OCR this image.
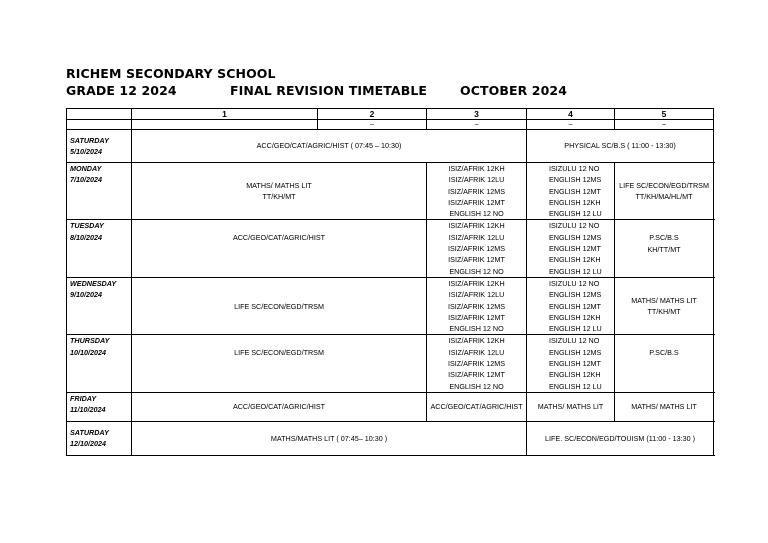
RICHEM SECONDARY SCHOOL
GRADE 12 2024	FINAL REVISION TIMETABLE	OCTOBER 2024
	1	2	3	4	5	
		–	–	–	–	

SATURDAY
5/10/2024	ACC/GEO/CAT/AGRIC/HIST ( 07:45 – 10:30)			PHYSICAL SC/B.S ( 11:00 - 13:30)		

MONDAY
7/10/2024	MATHS/ MATHS LIT
TT/KH/MT		ISIZ/AFRIK 12KH
ISIZ/AFRIK 12LU
ISIZ/AFRIK 12MS
ISIZ/AFRIK 12MT
ENGLISH 12 NO	ISIZULU 12 NO
ENGLISH 12MS
ENGLISH 12MT
ENGLISH 12KH
ENGLISH 12 LU	LIFE SC/ECON/EGD/TRSM
TT/KH/MA/HL/MT	

TUESDAY
8/10/2024	ACC/GEO/CAT/AGRIC/HIST		ISIZ/AFRIK 12KH
ISIZ/AFRIK 12LU
ISIZ/AFRIK 12MS
ISIZ/AFRIK 12MT
ENGLISH 12 NO	ISIZULU 12 NO
ENGLISH 12MS
ENGLISH 12MT
ENGLISH 12KH
ENGLISH 12 LU	P.SC/B.S
KH/TT/MT	

WEDNESDAY
9/10/2024	LIFE SC/ECON/EGD/TRSM		ISIZ/AFRIK 12KH
ISIZ/AFRIK 12LU
ISIZ/AFRIK 12MS
ISIZ/AFRIK 12MT
ENGLISH 12 NO	ISIZULU 12 NO
ENGLISH 12MS
ENGLISH 12MT
ENGLISH 12KH
ENGLISH 12 LU	MATHS/ MATHS LIT
TT/KH/MT	

THURSDAY
10/10/2024	LIFE SC/ECON/EGD/TRSM		ISIZ/AFRIK 12KH
ISIZ/AFRIK 12LU
ISIZ/AFRIK 12MS
ISIZ/AFRIK 12MT
ENGLISH 12 NO	ISIZULU 12 NO
ENGLISH 12MS
ENGLISH 12MT
ENGLISH 12KH
ENGLISH 12 LU	P.SC/B.S	

FRIDAY
11/10/2024	ACC/GEO/CAT/AGRIC/HIST		ACC/GEO/CAT/AGRIC/HIST	MATHS/ MATHS LIT	MATHS/ MATHS LIT	

SATURDAY
12/10/2024	MATHS/MATHS LIT ( 07:45– 10:30 )			LIFE. SC/ECON/EGD/TOUISM (11:00 - 13:30 )		
